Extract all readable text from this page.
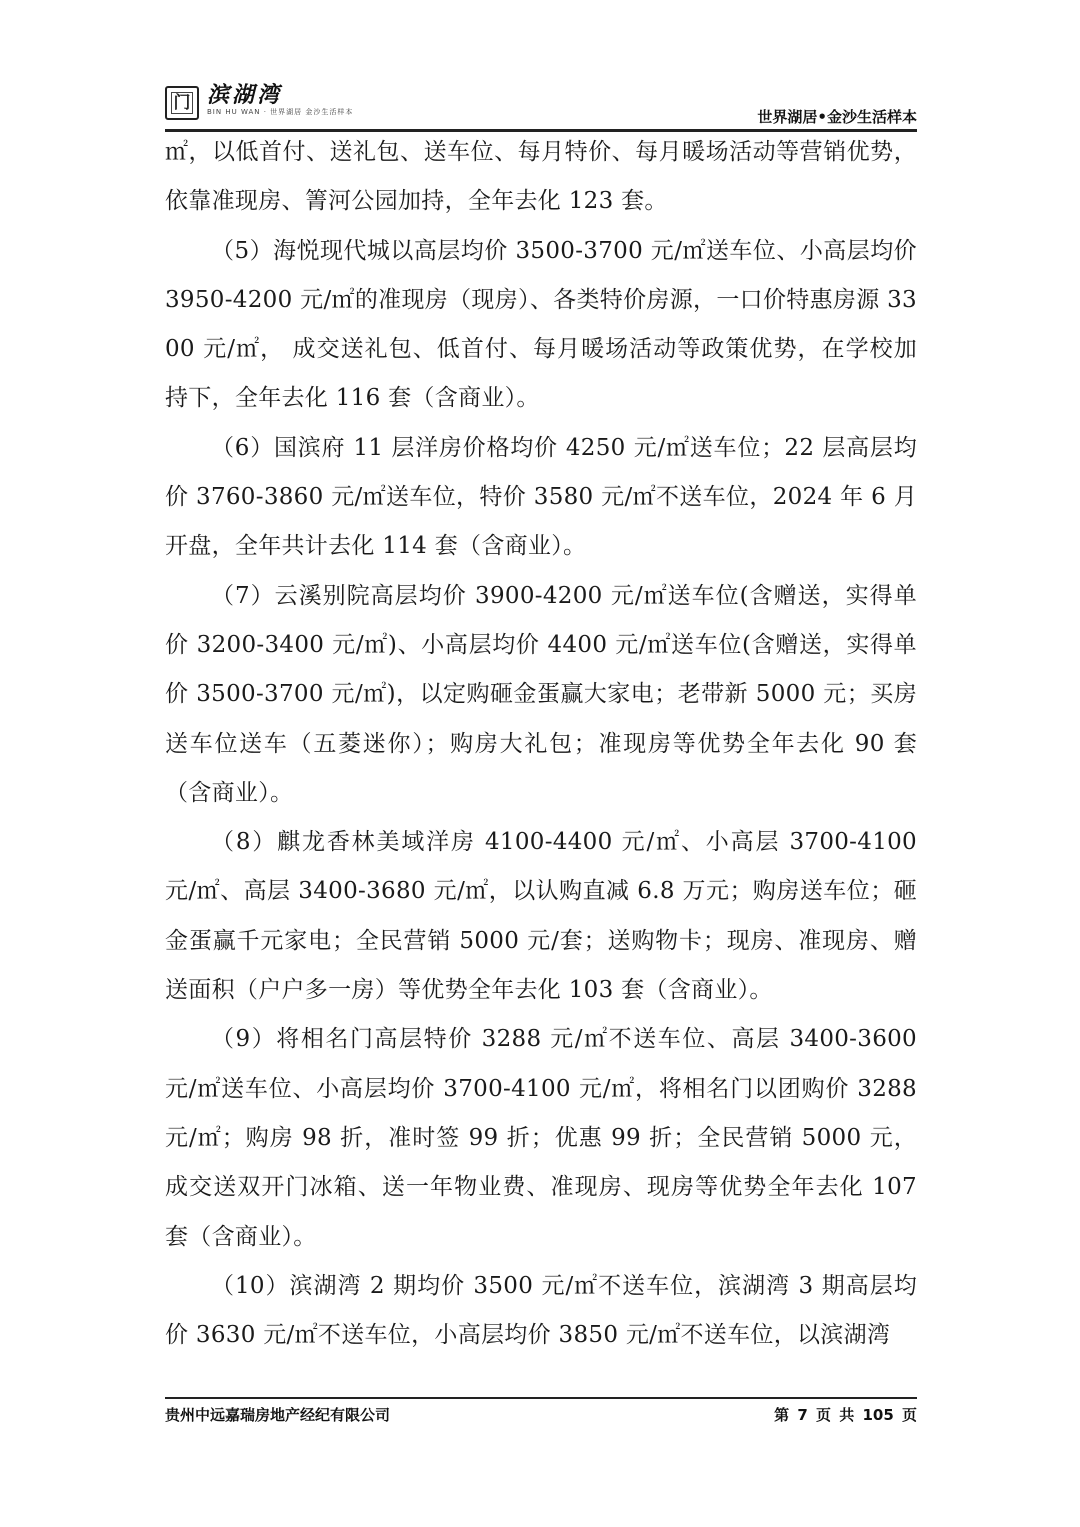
门 滨湖湾
BIN HU WAN · 世界湖居 金沙生活样本	世界湖居•金沙生活样本

㎡，以低首付、送礼包、送车位、每月特价、每月暖场活动等营销优势，依靠准现房、箐河公园加持，全年去化 123 套。

（5）海悦现代城以高层均价 3500-3700 元/㎡送车位、小高层均价 3950-4200 元/㎡的准现房（现房）、各类特价房源，一口价特惠房源 3300 元/㎡， 成交送礼包、低首付、每月暖场活动等政策优势，在学校加持下，全年去化 116 套（含商业）。

（6）国滨府 11 层洋房价格均价 4250 元/㎡送车位；22 层高层均价 3760-3860 元/㎡送车位，特价 3580 元/㎡不送车位，2024 年 6 月开盘，全年共计去化 114 套（含商业）。

（7）云溪别院高层均价 3900-4200 元/㎡送车位(含赠送，实得单价 3200-3400 元/㎡)、小高层均价 4400 元/㎡送车位(含赠送，实得单价 3500-3700 元/㎡)，以定购砸金蛋赢大家电；老带新 5000 元；买房送车位送车（五菱迷你）；购房大礼包；准现房等优势全年去化 90 套（含商业）。

（8）麒龙香林美域洋房 4100-4400 元/㎡、小高层 3700-4100 元/㎡、高层 3400-3680 元/㎡，以认购直减 6.8 万元；购房送车位；砸金蛋赢千元家电；全民营销 5000 元/套；送购物卡；现房、准现房、赠送面积（户户多一房）等优势全年去化 103 套（含商业）。

（9）将相名门高层特价 3288 元/㎡不送车位、高层 3400-3600 元/㎡送车位、小高层均价 3700-4100 元/㎡，将相名门以团购价 3288 元/㎡；购房 98 折，准时签 99 折；优惠 99 折；全民营销 5000 元，成交送双开门冰箱、送一年物业费、准现房、现房等优势全年去化 107 套（含商业）。

（10）滨湖湾 2 期均价 3500 元/㎡不送车位，滨湖湾 3 期高层均价 3630 元/㎡不送车位，小高层均价 3850 元/㎡不送车位，以滨湖湾

贵州中远嘉瑞房地产经纪有限公司	第 7 页 共 105 页
